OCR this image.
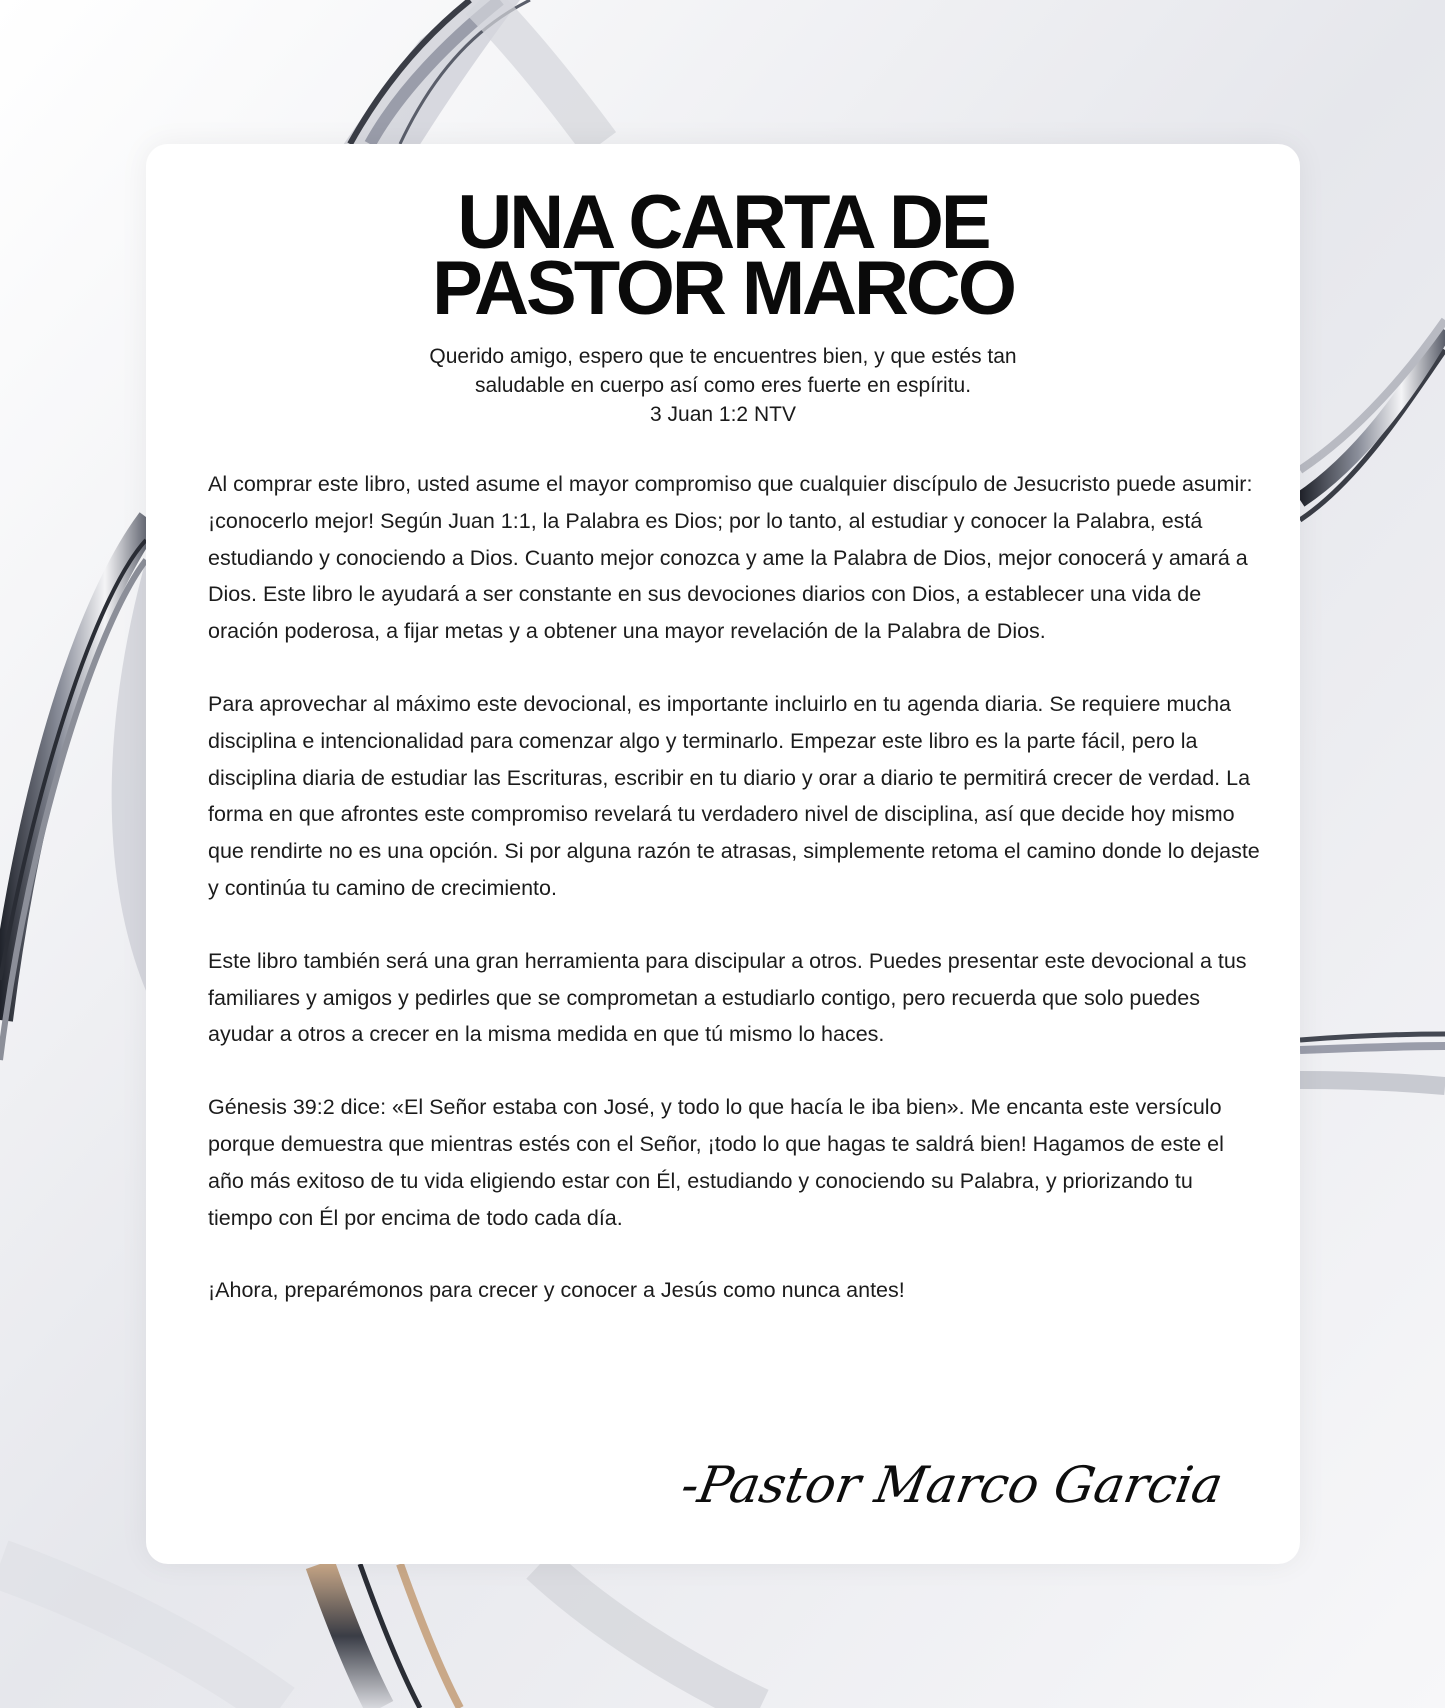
UNA CARTA DE
PASTOR MARCO
Querido amigo, espero que te encuentres bien, y que estés tan
saludable en cuerpo así como eres fuerte en espíritu.
3 Juan 1:2 NTV

Al comprar este libro, usted asume el mayor compromiso que cualquier discípulo de Jesucristo puede asumir: ¡conocerlo mejor! Según Juan 1:1, la Palabra es Dios; por lo tanto, al estudiar y conocer la Palabra, está estudiando y conociendo a Dios. Cuanto mejor conozca y ame la Palabra de Dios, mejor conocerá y amará a Dios. Este libro le ayudará a ser constante en sus devociones diarios con Dios, a establecer una vida de oración poderosa, a fijar metas y a obtener una mayor revelación de la Palabra de Dios.

Para aprovechar al máximo este devocional, es importante incluirlo en tu agenda diaria. Se requiere mucha disciplina e intencionalidad para comenzar algo y terminarlo. Empezar este libro es la parte fácil, pero la disciplina diaria de estudiar las Escrituras, escribir en tu diario y orar a diario te permitirá crecer de verdad. La forma en que afrontes este compromiso revelará tu verdadero nivel de disciplina, así que decide hoy mismo que rendirte no es una opción. Si por alguna razón te atrasas, simplemente retoma el camino donde lo dejaste y continúa tu camino de crecimiento.

Este libro también será una gran herramienta para discipular a otros. Puedes presentar este devocional a tus familiares y amigos y pedirles que se comprometan a estudiarlo contigo, pero recuerda que solo puedes ayudar a otros a crecer en la misma medida en que tú mismo lo haces.

Génesis 39:2 dice: «El Señor estaba con José, y todo lo que hacía le iba bien». Me encanta este versículo porque demuestra que mientras estés con el Señor, ¡todo lo que hagas te saldrá bien! Hagamos de este el año más exitoso de tu vida eligiendo estar con Él, estudiando y conociendo su Palabra, y priorizando tu tiempo con Él por encima de todo cada día.

¡Ahora, preparémonos para crecer y conocer a Jesús como nunca antes!

-Pastor Marco Garcia
